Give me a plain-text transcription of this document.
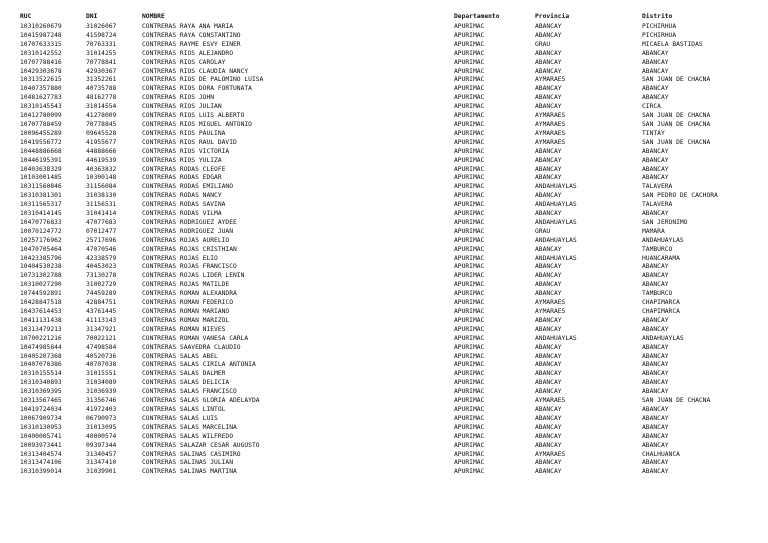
RUC	DNI	NOMBRE	Departamento	Provincia	Distrito
10310260679	31026067	CONTRERAS RAYA ANA MARIA	APURIMAC	ABANCAY	PICHIRHUA
10415987248	41598724	CONTRERAS RAYA CONSTANTINO	APURIMAC	ABANCAY	PICHIRHUA
10707633315	70763331	CONTRERAS RAYME ESVY EINER	APURIMAC	GRAU	MICAELA BASTIDAS
10310142552	31014255	CONTRERAS RIOS ALEJANDRO	APURIMAC	ABANCAY	ABANCAY
10707788416	70778841	CONTRERAS RIOS CAROLAY	APURIMAC	ABANCAY	ABANCAY
10429303678	42930367	CONTRERAS RIOS CLAUDIA NANCY	APURIMAC	ABANCAY	ABANCAY
10313522615	31352261	CONTRERAS RIOS DE PALOMINO LUISA	APURIMAC	AYMARAES	SAN JUAN DE CHACÑA
10407357880	40735788	CONTRERAS RIOS DORA FORTUNATA	APURIMAC	ABANCAY	ABANCAY
10481627783	48162778	CONTRERAS RIOS JOHN	APURIMAC	ABANCAY	ABANCAY
10310145543	31014554	CONTRERAS RIOS JULIAN	APURIMAC	ABANCAY	CIRCA
10412780099	41278009	CONTRERAS RIOS LUIS ALBERTO	APURIMAC	AYMARAES	SAN JUAN DE CHACÑA
10707788459	70778845	CONTRERAS RIOS MIGUEL ANTONIO	APURIMAC	AYMARAES	SAN JUAN DE CHACÑA
10096455289	09645528	CONTRERAS RIOS PAULINA	APURIMAC	AYMARAES	TINTAY
10419556772	41955677	CONTRERAS RIOS RAUL DAVID	APURIMAC	AYMARAES	SAN JUAN DE CHACÑA
10448886668	44888666	CONTRERAS RIOS VICTORIA	APURIMAC	ABANCAY	ABANCAY
10446195391	44619539	CONTRERAS RIOS YULIZA	APURIMAC	ABANCAY	ABANCAY
10403638329	40363832	CONTRERAS RODAS CLEOFE	APURIMAC	ABANCAY	ABANCAY
10103001485	10300148	CONTRERAS RODAS EDGAR	APURIMAC	ABANCAY	ABANCAY
10311560846	31156084	CONTRERAS RODAS EMILIANO	APURIMAC	ANDAHUAYLAS	TALAVERA
10310381301	31038130	CONTRERAS RODAS NANCY	APURIMAC	ABANCAY	SAN PEDRO DE CACHORA
10311565317	31156531	CONTRERAS RODAS SAVINA	APURIMAC	ANDAHUAYLAS	TALAVERA
10310414145	31041414	CONTRERAS RODAS VILMA	APURIMAC	ABANCAY	ABANCAY
10470776833	47077683	CONTRERAS RODRIGUEZ AYDEE	APURIMAC	ANDAHUAYLAS	SAN JERONIMO
10070124772	07012477	CONTRERAS RODRIGUEZ JUAN	APURIMAC	GRAU	MAMARA
10257176962	25717696	CONTRERAS ROJAS AURELIO	APURIMAC	ANDAHUAYLAS	ANDAHUAYLAS
10470705464	47070546	CONTRERAS ROJAS CRISTHIAN	APURIMAC	ABANCAY	TAMBURCO
10423385796	42338579	CONTRERAS ROJAS ELIO	APURIMAC	ANDAHUAYLAS	HUANCARAMA
10404530238	40453023	CONTRERAS ROJAS FRANCISCO	APURIMAC	ABANCAY	ABANCAY
10731302788	73130278	CONTRERAS ROJAS LIDER LENIN	APURIMAC	ABANCAY	ABANCAY
10310027290	31002729	CONTRERAS ROJAS MATILDE	APURIMAC	ABANCAY	ABANCAY
10744592891	74459289	CONTRERAS ROMAN ALEXANDRA	APURIMAC	ABANCAY	TAMBURCO
10428847518	42884751	CONTRERAS ROMAN FEDERICO	APURIMAC	AYMARAES	CHAPIMARCA
10437614453	43761445	CONTRERAS ROMAN MARIANO	APURIMAC	AYMARAES	CHAPIMARCA
10411131438	41113143	CONTRERAS ROMAN MARIZOL	APURIMAC	ABANCAY	ABANCAY
10313479213	31347921	CONTRERAS ROMAN NIEVES	APURIMAC	ABANCAY	ABANCAY
10700221216	70022121	CONTRERAS ROMAN VANESA CARLA	APURIMAC	ANDAHUAYLAS	ANDAHUAYLAS
10474985844	47498584	CONTRERAS SAAVEDRA CLAUDIO	APURIMAC	ABANCAY	ABANCAY
10405207368	40520736	CONTRERAS SALAS ABEL	APURIMAC	ABANCAY	ABANCAY
10407070386	40707038	CONTRERAS SALAS CIRILA ANTONIA	APURIMAC	ABANCAY	ABANCAY
10310155514	31015551	CONTRERAS SALAS DALMER	APURIMAC	ABANCAY	ABANCAY
10310340893	31034089	CONTRERAS SALAS DELICIA	APURIMAC	ABANCAY	ABANCAY
10310369395	31036939	CONTRERAS SALAS FRANCISCO	APURIMAC	ABANCAY	ABANCAY
10313567465	31356746	CONTRERAS SALAS GLORIA ADELAYDA	APURIMAC	AYMARAES	SAN JUAN DE CHACÑA
10419724034	41972403	CONTRERAS SALAS LINTOL	APURIMAC	ABANCAY	ABANCAY
10067909734	06790973	CONTRERAS SALAS LUIS	APURIMAC	ABANCAY	ABANCAY
10310130953	31013095	CONTRERAS SALAS MARCELINA	APURIMAC	ABANCAY	ABANCAY
10400005741	40000574	CONTRERAS SALAS WILFREDO	APURIMAC	ABANCAY	ABANCAY
10093973441	09397344	CONTRERAS SALAZAR CESAR AUGUSTO	APURIMAC	ABANCAY	ABANCAY
10313404574	31340457	CONTRERAS SALINAS CASIMIRO	APURIMAC	AYMARAES	CHALHUANCA
10313474106	31347410	CONTRERAS SALINAS JULIAN	APURIMAC	ABANCAY	ABANCAY
10310399014	31039901	CONTRERAS SALINAS MARTINA	APURIMAC	ABANCAY	ABANCAY
